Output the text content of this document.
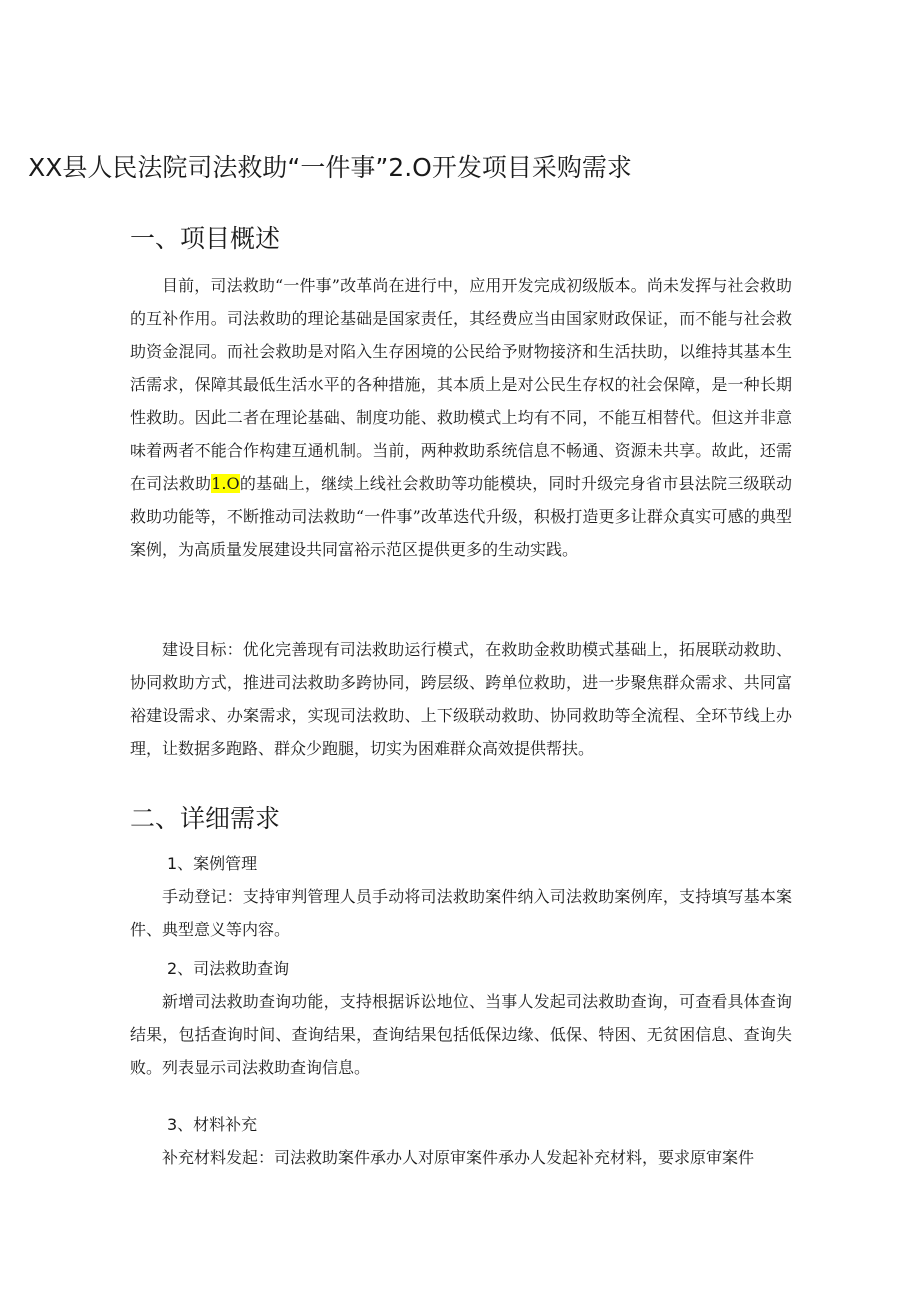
XX县人民法院司法救助“一件事”2.O开发项目采购需求
一、项目概述

目前，司法救助“一件事”改革尚在进行中，应用开发完成初级版本。尚未发挥与社会救助的互补作用。司法救助的理论基础是国家责任，其经费应当由国家财政保证，而不能与社会救助资金混同。而社会救助是对陷入生存困境的公民给予财物接济和生活扶助，以维持其基本生活需求，保障其最低生活水平的各种措施，其本质上是对公民生存权的社会保障，是一种长期性救助。因此二者在理论基础、制度功能、救助模式上均有不同，不能互相替代。但这并非意味着两者不能合作构建互通机制。当前，两种救助系统信息不畅通、资源未共享。故此，还需在司法救助1.O的基础上，继续上线社会救助等功能模块，同时升级完身省市县法院三级联动救助功能等，不断推动司法救助“一件事”改革迭代升级，积极打造更多让群众真实可感的典型案例，为高质量发展建设共同富裕示范区提供更多的生动实践。

建设目标：优化完善现有司法救助运行模式，在救助金救助模式基础上，拓展联动救助、协同救助方式，推进司法救助多跨协同，跨层级、跨单位救助，进一步聚焦群众需求、共同富裕建设需求、办案需求，实现司法救助、上下级联动救助、协同救助等全流程、全环节线上办理，让数据多跑路、群众少跑腿，切实为困难群众高效提供帮扶。

二、详细需求

1、案例管理

手动登记：支持审判管理人员手动将司法救助案件纳入司法救助案例库，支持填写基本案件、典型意义等内容。

2、司法救助查询

新增司法救助查询功能，支持根据诉讼地位、当事人发起司法救助查询，可查看具体查询结果，包括查询时间、查询结果，查询结果包括低保边缘、低保、特困、无贫困信息、查询失败。列表显示司法救助查询信息。

3、材料补充

补充材料发起：司法救助案件承办人对原审案件承办人发起补充材料，要求原审案件
